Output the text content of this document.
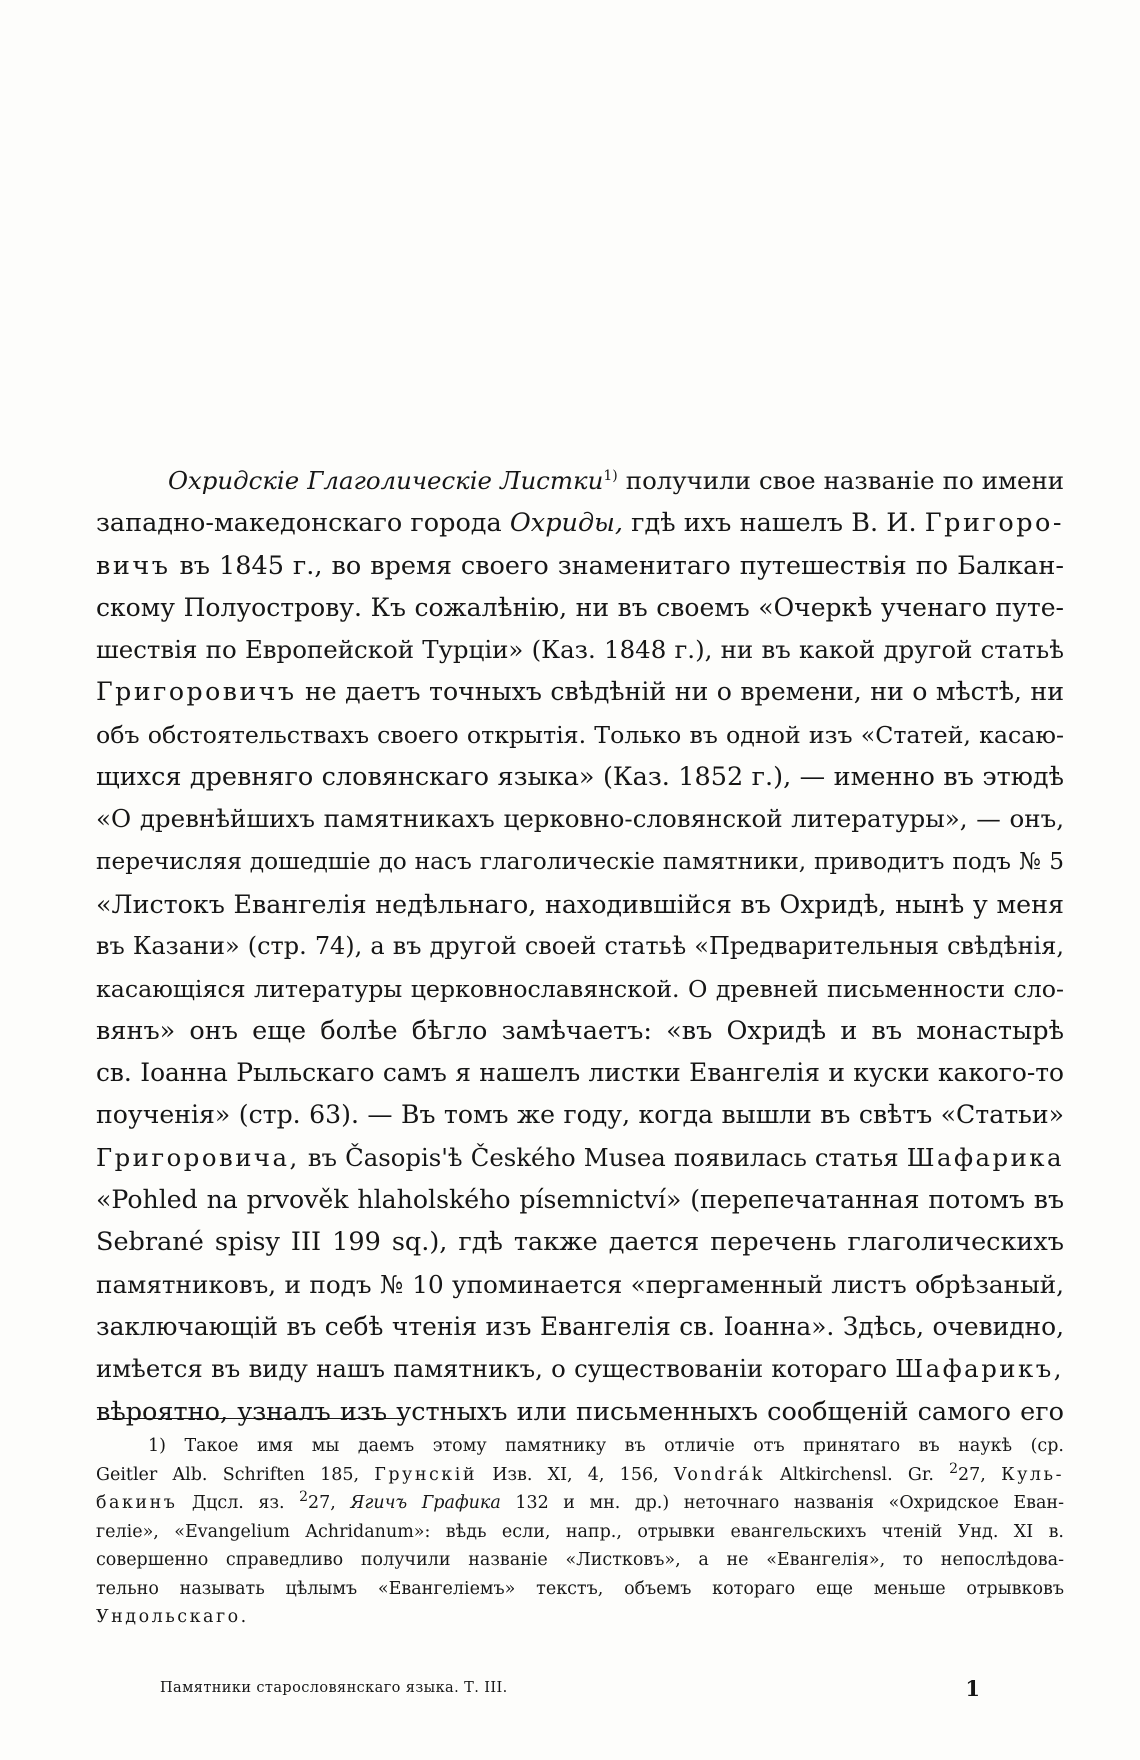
Охридскіе Глаголическіе Листки$^{1)}$ получили свое названіе по имени
западно-македонскаго города Охриды, гдѣ ихъ нашелъ В. И. Григоро-
вичъ въ 1845 г., во время своего знаменитаго путешествія по Балкан-
скому Полуострову. Къ сожалѣнію, ни въ своемъ «Очеркѣ ученаго путе-
шествія по Европейской Турціи» (Каз. 1848 г.), ни въ какой другой статьѣ
Григоровичъ не даетъ точныхъ свѣдѣній ни о времени, ни о мѣстѣ, ни
объ обстоятельствахъ своего открытія. Только въ одной изъ «Статей, касаю-
щихся древняго словянскаго языка» (Каз. 1852 г.), — именно въ этюдѣ
«О древнѣйшихъ памятникахъ церковно-словянской литературы», — онъ,
перечисляя дошедшіе до насъ глаголическіе памятники, приводитъ подъ № 5
«Листокъ Евангелія недѣльнаго, находившійся въ Охридѣ, нынѣ у меня
въ Казани» (стр. 74), а въ другой своей статьѣ «Предварительныя свѣдѣнія,
касающіяся литературы церковнославянской. О древней письменности сло-
вянъ» онъ еще болѣе бѣгло замѣчаетъ: «въ Охридѣ и въ монастырѣ
св. Іоанна Рыльскаго самъ я нашелъ листки Евангелія и куски какого-то
поученія» (стр. 63). — Въ томъ же году, когда вышли въ свѣтъ «Статьи»
Григоровича, въ Časopis'ѣ Českého Musea появилась статья Шафарика
«Pohled na prvověk hlaholského písemnictví» (перепечатанная потомъ въ
Sebrané spisy III 199 sq.), гдѣ также дается перечень глаголическихъ
памятниковъ, и подъ № 10 упоминается «пергаменный листъ обрѣзаный,
заключающій въ себѣ чтенія изъ Евангелія св. Іоанна». Здѣсь, очевидно,
имѣется въ виду нашъ памятникъ, о существованіи котораго Шафарикъ,
вѣроятно, узналъ изъ устныхъ или письменныхъ сообщеній самого его
1) Такое имя мы даемъ этому памятнику въ отличіе отъ принятаго въ наукѣ (ср.
Geitler Alb. Schriften 185, Грунскій Изв. XI, 4, 156, Vondrák Altkirchensl. Gr. $^2$27, Куль-
бакинъ Дцсл. яз. $^2$27, Ягичъ Графика 132 и мн. др.) неточнаго названія «Охридское Еван-
геліе», «Evangelium Achridanum»: вѣдь если, напр., отрывки евангельскихъ чтеній Унд. XI в.
совершенно справедливо получили названіе «Листковъ», а не «Евангелія», то непослѣдова-
тельно называть цѣлымъ «Евангеліемъ» текстъ, объемъ котораго еще меньше отрывковъ
Ундольскаго.
Памятники старословянскаго языка. Т. III.	1
